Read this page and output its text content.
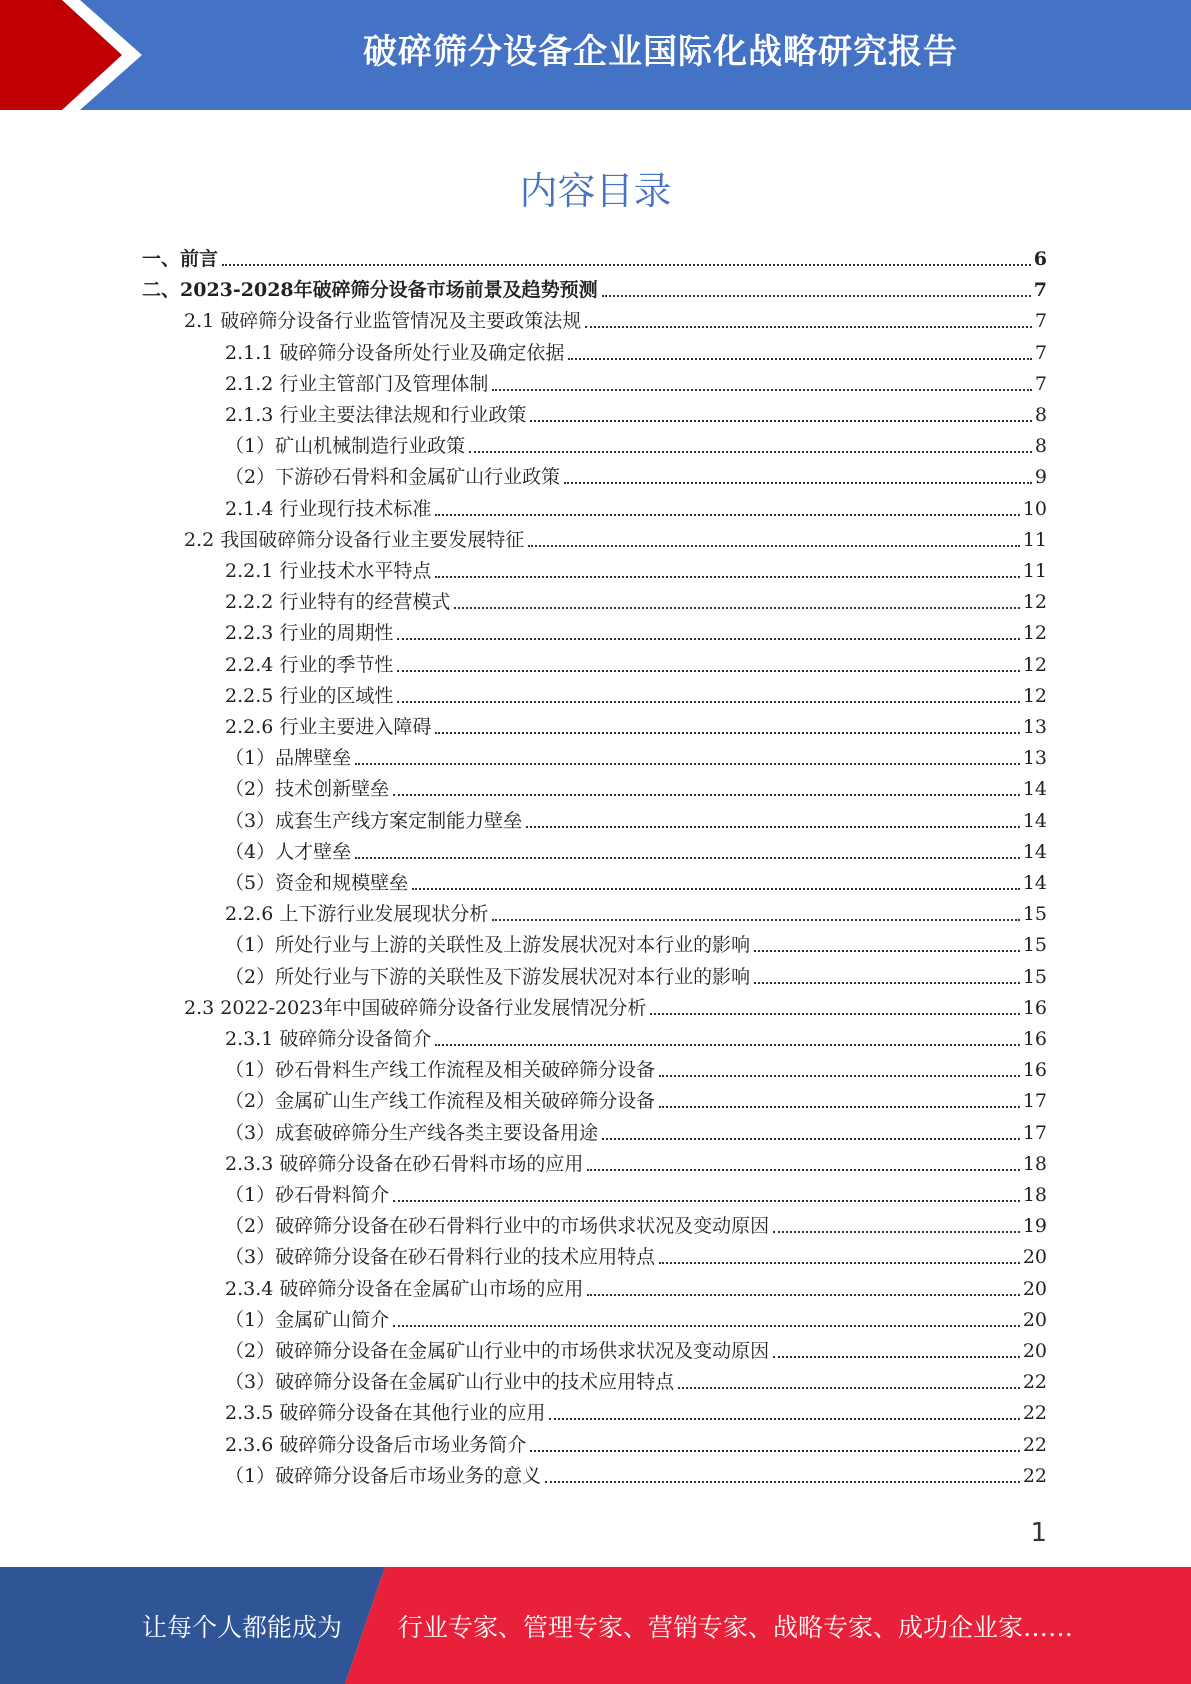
破碎筛分设备企业国际化战略研究报告
内容目录
一、前言	6
二、2023-2028年破碎筛分设备市场前景及趋势预测	7
2.1 破碎筛分设备行业监管情况及主要政策法规	7
2.1.1 破碎筛分设备所处行业及确定依据	7
2.1.2 行业主管部门及管理体制	7
2.1.3 行业主要法律法规和行业政策	8
（1）矿山机械制造行业政策	8
（2）下游砂石骨料和金属矿山行业政策	9
2.1.4 行业现行技术标准	10
2.2 我国破碎筛分设备行业主要发展特征	11
2.2.1 行业技术水平特点	11
2.2.2 行业特有的经营模式	12
2.2.3 行业的周期性	12
2.2.4 行业的季节性	12
2.2.5 行业的区域性	12
2.2.6 行业主要进入障碍	13
（1）品牌壁垒	13
（2）技术创新壁垒	14
（3）成套生产线方案定制能力壁垒	14
（4）人才壁垒	14
（5）资金和规模壁垒	14
2.2.6 上下游行业发展现状分析	15
（1）所处行业与上游的关联性及上游发展状况对本行业的影响	15
（2）所处行业与下游的关联性及下游发展状况对本行业的影响	15
2.3 2022-2023年中国破碎筛分设备行业发展情况分析	16
2.3.1 破碎筛分设备简介	16
（1）砂石骨料生产线工作流程及相关破碎筛分设备	16
（2）金属矿山生产线工作流程及相关破碎筛分设备	17
（3）成套破碎筛分生产线各类主要设备用途	17
2.3.3 破碎筛分设备在砂石骨料市场的应用	18
（1）砂石骨料简介	18
（2）破碎筛分设备在砂石骨料行业中的市场供求状况及变动原因	19
（3）破碎筛分设备在砂石骨料行业的技术应用特点	20
2.3.4 破碎筛分设备在金属矿山市场的应用	20
（1）金属矿山简介	20
（2）破碎筛分设备在金属矿山行业中的市场供求状况及变动原因	20
（3）破碎筛分设备在金属矿山行业中的技术应用特点	22
2.3.5 破碎筛分设备在其他行业的应用	22
2.3.6 破碎筛分设备后市场业务简介	22
（1）破碎筛分设备后市场业务的意义	22
1
让每个人都能成为 行业专家、管理专家、营销专家、战略专家、成功企业家……
